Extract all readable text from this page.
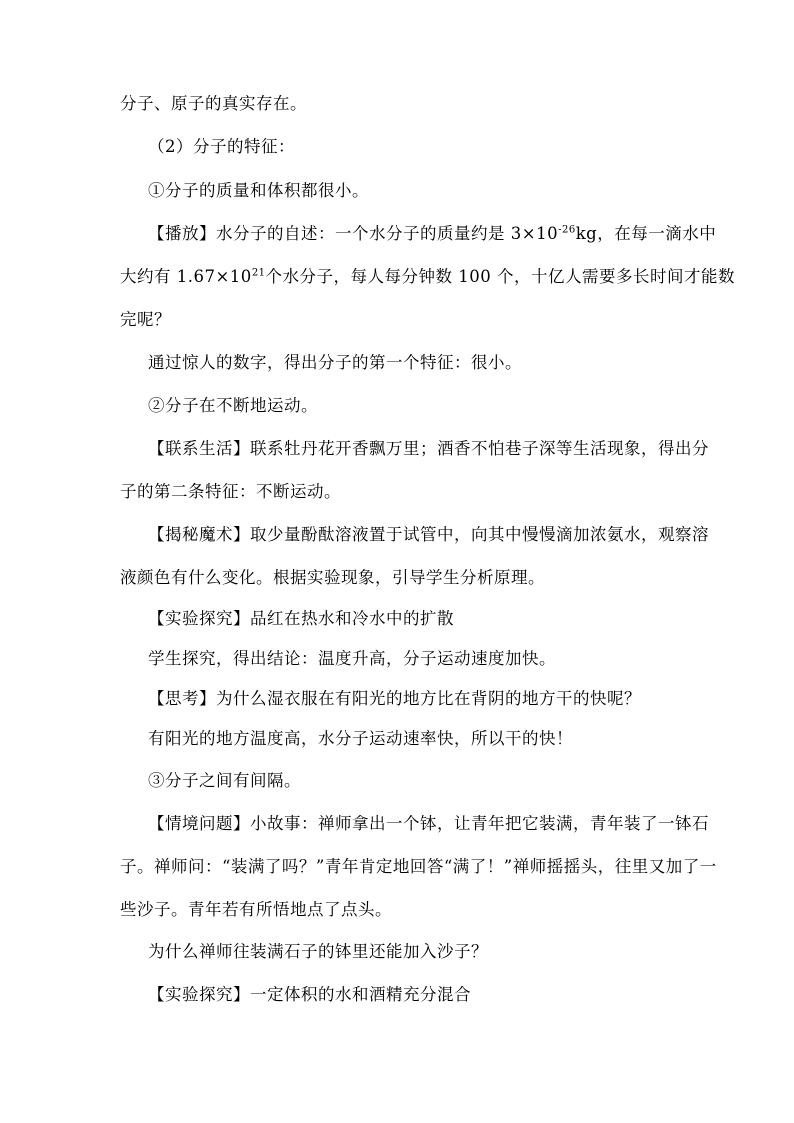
分子、原子的真实存在。
（2）分子的特征：
①分子的质量和体积都很小。
【播放】水分子的自述：一个水分子的质量约是 $3\times 10^{-26}kg$，在每一滴水中
大约有 $1.67\times 10^{21}$个水分子，每人每分钟数 100 个，十亿人需要多长时间才能数
完呢？
通过惊人的数字，得出分子的第一个特征：很小。
②分子在不断地运动。
【联系生活】联系牡丹花开香飘万里；酒香不怕巷子深等生活现象，得出分
子的第二条特征：不断运动。
【揭秘魔术】取少量酚酞溶液置于试管中，向其中慢慢滴加浓氨水，观察溶
液颜色有什么变化。根据实验现象，引导学生分析原理。
【实验探究】品红在热水和冷水中的扩散
学生探究，得出结论：温度升高，分子运动速度加快。
【思考】为什么湿衣服在有阳光的地方比在背阴的地方干的快呢？
有阳光的地方温度高，水分子运动速率快，所以干的快！
③分子之间有间隔。
【情境问题】小故事：禅师拿出一个钵，让青年把它装满，青年装了一钵石
子。禅师问：“装满了吗？”青年肯定地回答“满了！”禅师摇摇头，往里又加了一
些沙子。青年若有所悟地点了点头。
为什么禅师往装满石子的钵里还能加入沙子？
【实验探究】一定体积的水和酒精充分混合
